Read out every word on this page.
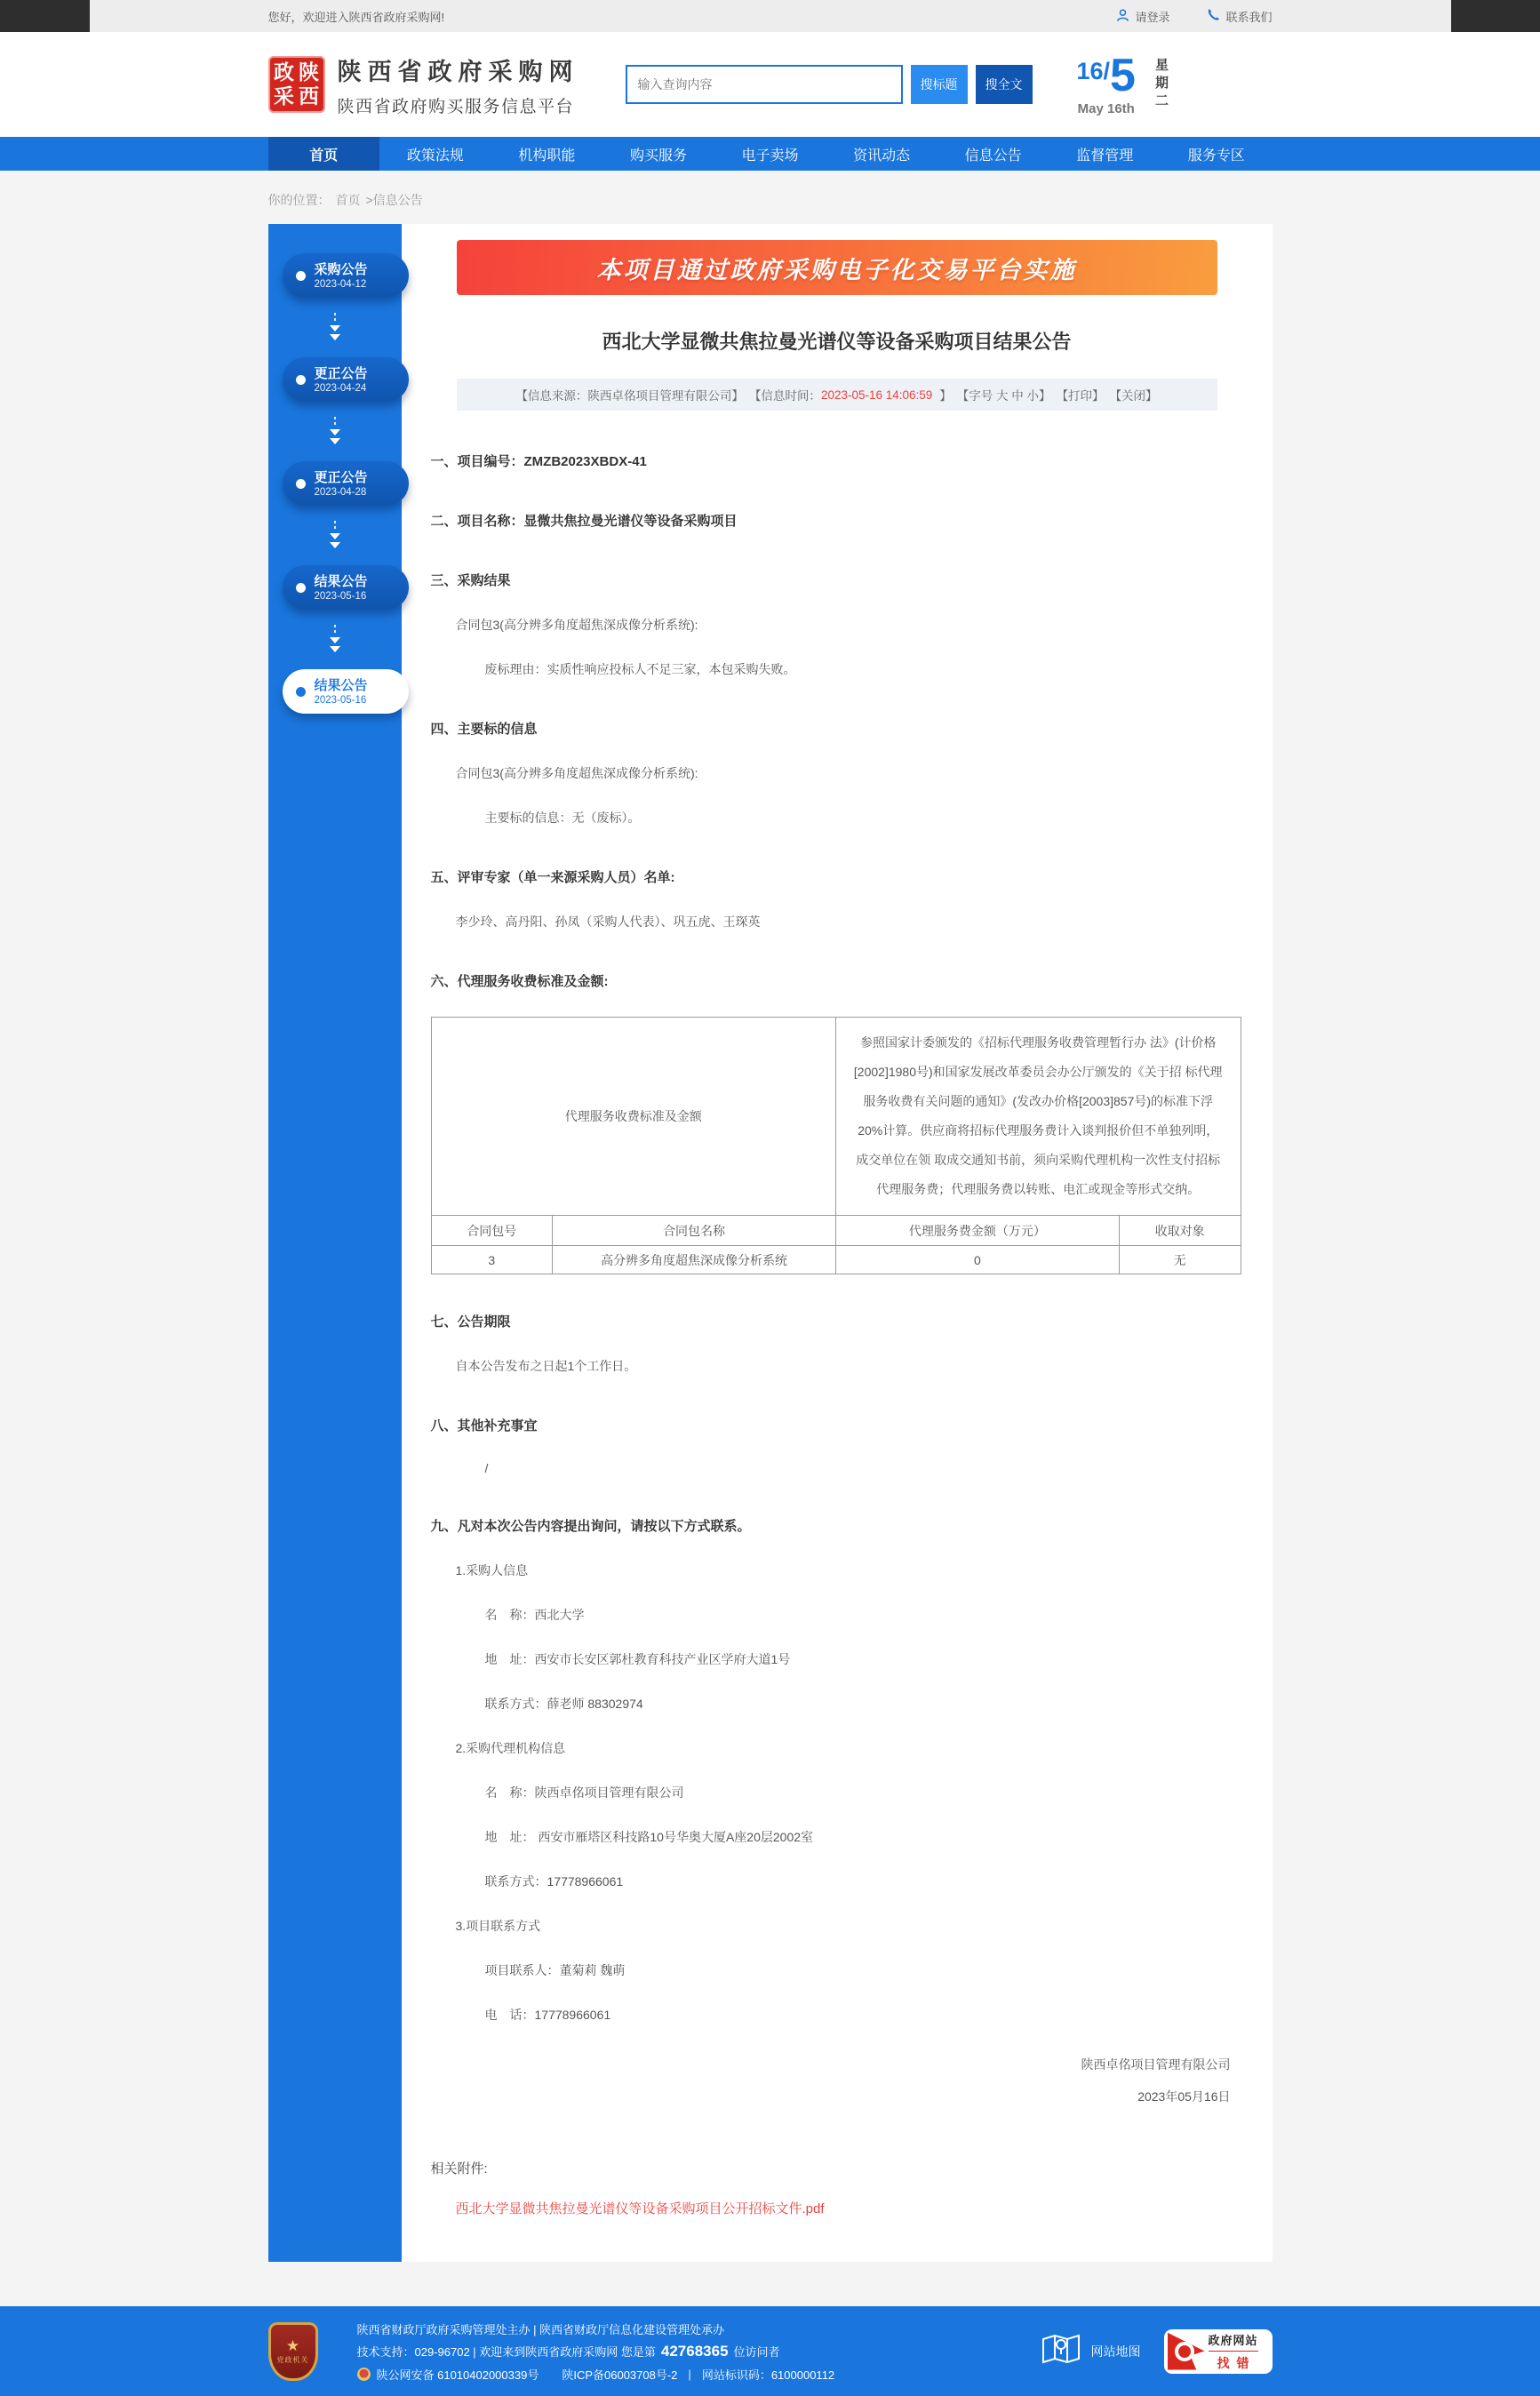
您好，欢迎进入陕西省政府采购网!	请登录	联系我们
政 陕
采 西
陕西省政府采购网
陕西省政府购买服务信息平台
输入查询内容
搜标题	搜全文	16/ 5
May 16th 星期二
首页	政策法规	机构职能	购买服务	电子卖场	资讯动态	信息公告	监督管理	服务专区
你的位置： 首页 >信息公告
采购公告
2023-04-12
更正公告
2023-04-24
更正公告
2023-04-28
结果公告
2023-05-16
结果公告
2023-05-16
本项目通过政府采购电子化交易平台实施
西北大学显微共焦拉曼光谱仪等设备采购项目结果公告
【信息来源：陕西卓佲项目管理有限公司】 【信息时间： 2023-05-16 14:06:59 】 【字号 大 中 小】 【打印】 【关闭】
一、项目编号：ZMZB2023XBDX-41
二、项目名称：显微共焦拉曼光谱仪等设备采购项目
三、采购结果
合同包3(高分辨多角度超焦深成像分析系统):
废标理由：实质性响应投标人不足三家，本包采购失败。
四、主要标的信息
合同包3(高分辨多角度超焦深成像分析系统):
主要标的信息：无（废标）。
五、评审专家（单一来源采购人员）名单:
李少玲、高丹阳、孙凤（采购人代表）、巩五虎、王琛英
六、代理服务收费标准及金额:
代理服务收费标准及金额		参照国家计委颁发的《招标代理服务收费管理暂行办 法》(计价格[2002]1980号)和国家发展改革委员会办公厅颁发的《关于招 标代理服务收费有关问题的通知》(发改办价格[2003]857号)的标准下浮20%计算。供应商将招标代理服务费计入谈判报价但不单独列明，成交单位在领 取成交通知书前，须向采购代理机构一次性支付招标代理服务费；代理服务费以转账、电汇或现金等形式交纳。	
合同包号	合同包名称	代理服务费金额（万元）	收取对象
3	高分辨多角度超焦深成像分析系统	0	无
七、公告期限
自本公告发布之日起1个工作日。
八、其他补充事宜
/
九、凡对本次公告内容提出询问，请按以下方式联系。
1.采购人信息
名　称：西北大学
地　址：西安市长安区郭杜教育科技产业区学府大道1号
联系方式：薛老师 88302974
2.采购代理机构信息
名　称：陕西卓佲项目管理有限公司
地　址： 西安市雁塔区科技路10号华奥大厦A座20层2002室
联系方式：17778966061
3.项目联系方式
项目联系人：董菊莉 魏萌
电　话：17778966061
陕西卓佲项目管理有限公司
2023年05月16日
相关附件:
西北大学显微共焦拉曼光谱仪等设备采购项目公开招标文件.pdf
★
党政机关
陕西省财政厅政府采购管理处主办 | 陕西省财政厅信息化建设管理处承办
技术支持：029-96702 | 欢迎来到陕西省政府采购网 您是第 42768365 位访问者
陕公网安备 61010402000339号 陕ICP备06003708号-2 | 网站标识码：6100000112
网站地图
政府网站
找错
